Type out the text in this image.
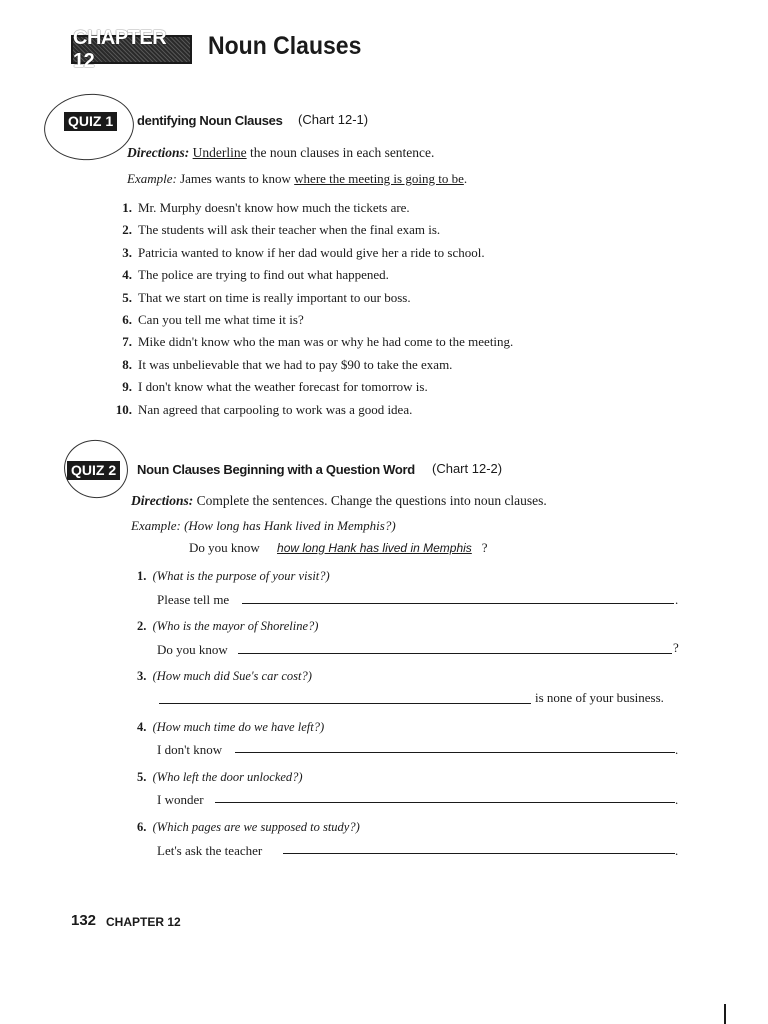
CHAPTER 12
Noun Clauses
QUIZ 1	dentifying Noun Clauses (Chart 12-1)
Directions: Underline the noun clauses in each sentence.
Example: James wants to know where the meeting is going to be.
1. Mr. Murphy doesn't know how much the tickets are.
2. The students will ask their teacher when the final exam is.
3. Patricia wanted to know if her dad would give her a ride to school.
4. The police are trying to find out what happened.
5. That we start on time is really important to our boss.
6. Can you tell me what time it is?
7. Mike didn't know who the man was or why he had come to the meeting.
8. It was unbelievable that we had to pay $90 to take the exam.
9. I don't know what the weather forecast for tomorrow is.
10. Nan agreed that carpooling to work was a good idea.
QUIZ 2	Noun Clauses Beginning with a Question Word (Chart 12-2)
Directions: Complete the sentences. Change the questions into noun clauses.
Example: (How long has Hank lived in Memphis?)
Do you know how long Hank has lived in Memphis ?
1. (What is the purpose of your visit?)
Please tell me	.
2. (Who is the mayor of Shoreline?)
Do you know	?
3. (How much did Sue's car cost?)
is none of your business.
4. (How much time do we have left?)
I don't know	.
5. (Who left the door unlocked?)
I wonder	.
6. (Which pages are we supposed to study?)
Let's ask the teacher	.
132 CHAPTER 12
